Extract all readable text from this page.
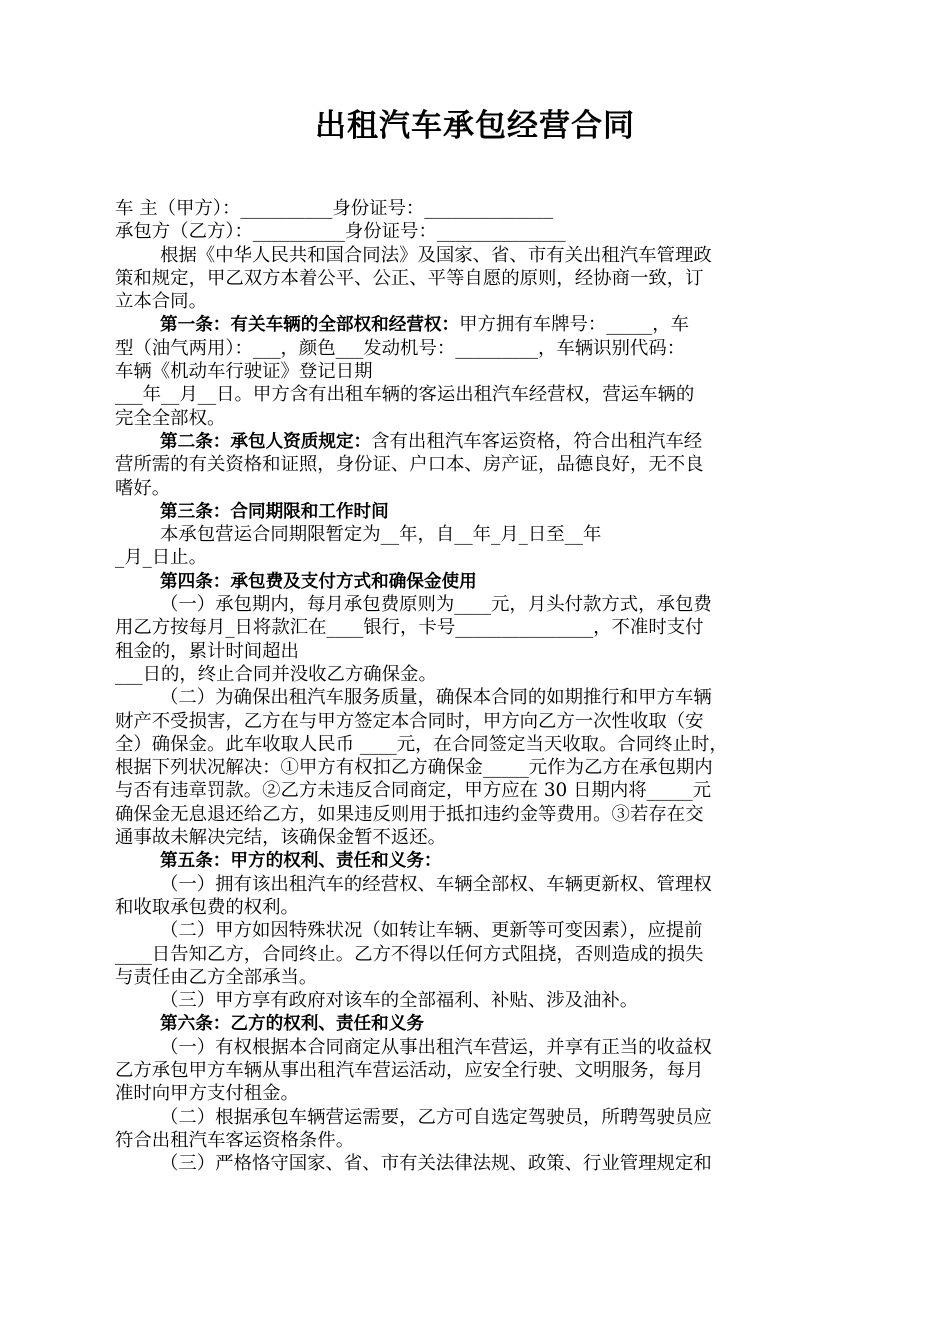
出租汽车承包经营合同
车 主（甲方）：__________身份证号：______________
承包方（乙方）：__________身份证号：______________
根据《中华人民共和国合同法》及国家、省、市有关出租汽车管理政
策和规定，甲乙双方本着公平、公正、平等自愿的原则，经协商一致，订
立本合同。
第一条：有关车辆的全部权和经营权：甲方拥有车牌号：_____，车
型（油气两用）：___，颜色___发动机号：_________，车辆识别代码：
车辆《机动车行驶证》登记日期
___年__月__日。甲方含有出租车辆的客运出租汽车经营权，营运车辆的
完全全部权。
第二条：承包人资质规定：含有出租汽车客运资格，符合出租汽车经
营所需的有关资格和证照，身份证、户口本、房产证，品德良好，无不良
嗜好。
第三条：合同期限和工作时间
本承包营运合同期限暂定为__年，自__年_月_日至__年
_月_日止。
第四条：承包费及支付方式和确保金使用
（一）承包期内，每月承包费原则为____元，月头付款方式，承包费
用乙方按每月_日将款汇在____银行，卡号_______________，不准时支付
租金的，累计时间超出
___日的，终止合同并没收乙方确保金。
（二）为确保出租汽车服务质量，确保本合同的如期推行和甲方车辆
财产不受损害，乙方在与甲方签定本合同时，甲方向乙方一次性收取（安
全）确保金。此车收取人民币 ____元，在合同签定当天收取。合同终止时，
根据下列状况解决：①甲方有权扣乙方确保金_____元作为乙方在承包期内
与否有违章罚款。②乙方未违反合同商定，甲方应在 30 日期内将_____元
确保金无息退还给乙方，如果违反则用于抵扣违约金等费用。③若存在交
通事故未解决完结，该确保金暂不返还。
第五条：甲方的权利、责任和义务：
（一）拥有该出租汽车的经营权、车辆全部权、车辆更新权、管理权
和收取承包费的权利。
（二）甲方如因特殊状况（如转让车辆、更新等可变因素），应提前
____日告知乙方，合同终止。乙方不得以任何方式阻挠，否则造成的损失
与责任由乙方全部承当。
（三）甲方享有政府对该车的全部福利、补贴、涉及油补。
第六条：乙方的权利、责任和义务
（一）有权根据本合同商定从事出租汽车营运，并享有正当的收益权
乙方承包甲方车辆从事出租汽车营运活动，应安全行驶、文明服务，每月
准时向甲方支付租金。
（二）根据承包车辆营运需要，乙方可自选定驾驶员，所聘驾驶员应
符合出租汽车客运资格条件。
（三）严格恪守国家、省、市有关法律法规、政策、行业管理规定和
